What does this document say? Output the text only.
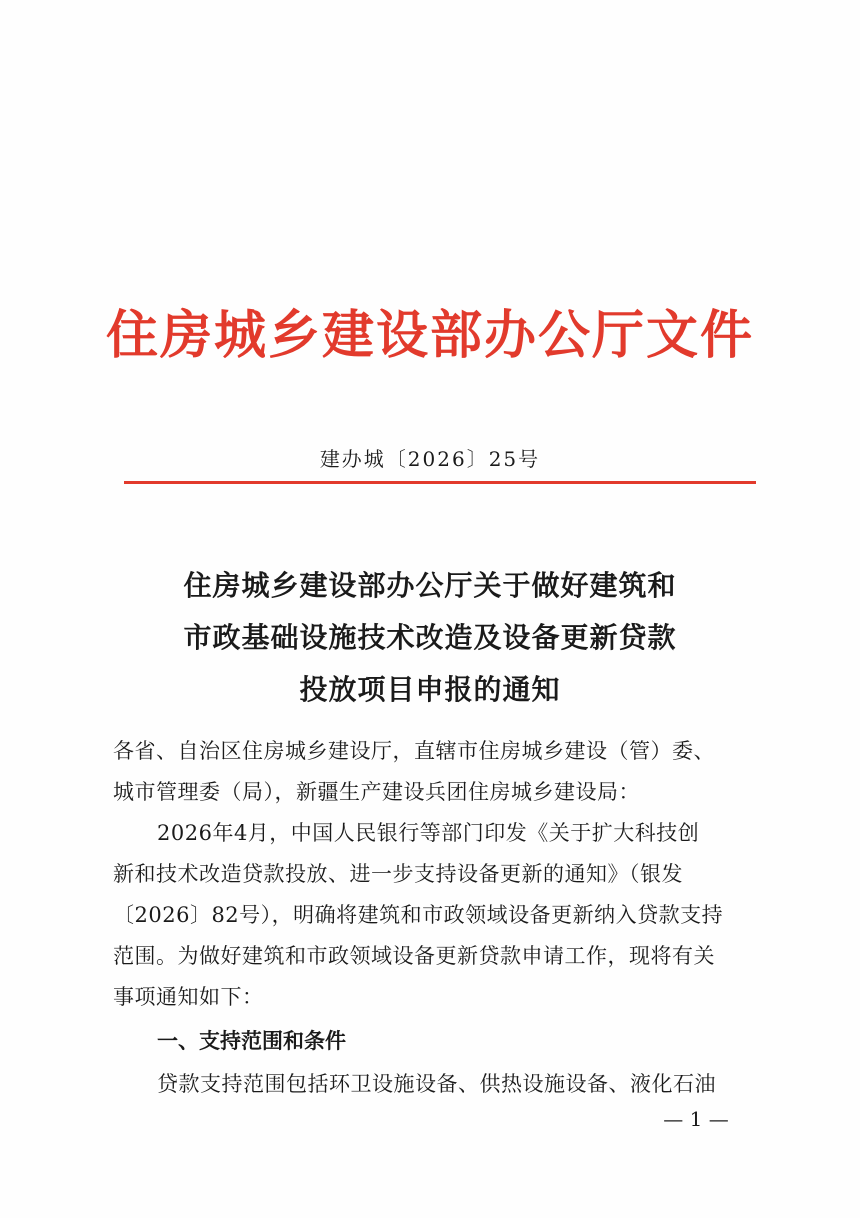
住房城乡建设部办公厅文件
建办城〔2026〕25号
住房城乡建设部办公厅关于做好建筑和
市政基础设施技术改造及设备更新贷款
投放项目申报的通知
各省、自治区住房城乡建设厅，直辖市住房城乡建设（管）委、
城市管理委（局），新疆生产建设兵团住房城乡建设局：
2026年4月，中国人民银行等部门印发《关于扩大科技创
新和技术改造贷款投放、进一步支持设备更新的通知》（银发
〔2026〕82号），明确将建筑和市政领域设备更新纳入贷款支持
范围。为做好建筑和市政领域设备更新贷款申请工作，现将有关
事项通知如下：
一、支持范围和条件
贷款支持范围包括环卫设施设备、供热设施设备、液化石油
— 1 —
